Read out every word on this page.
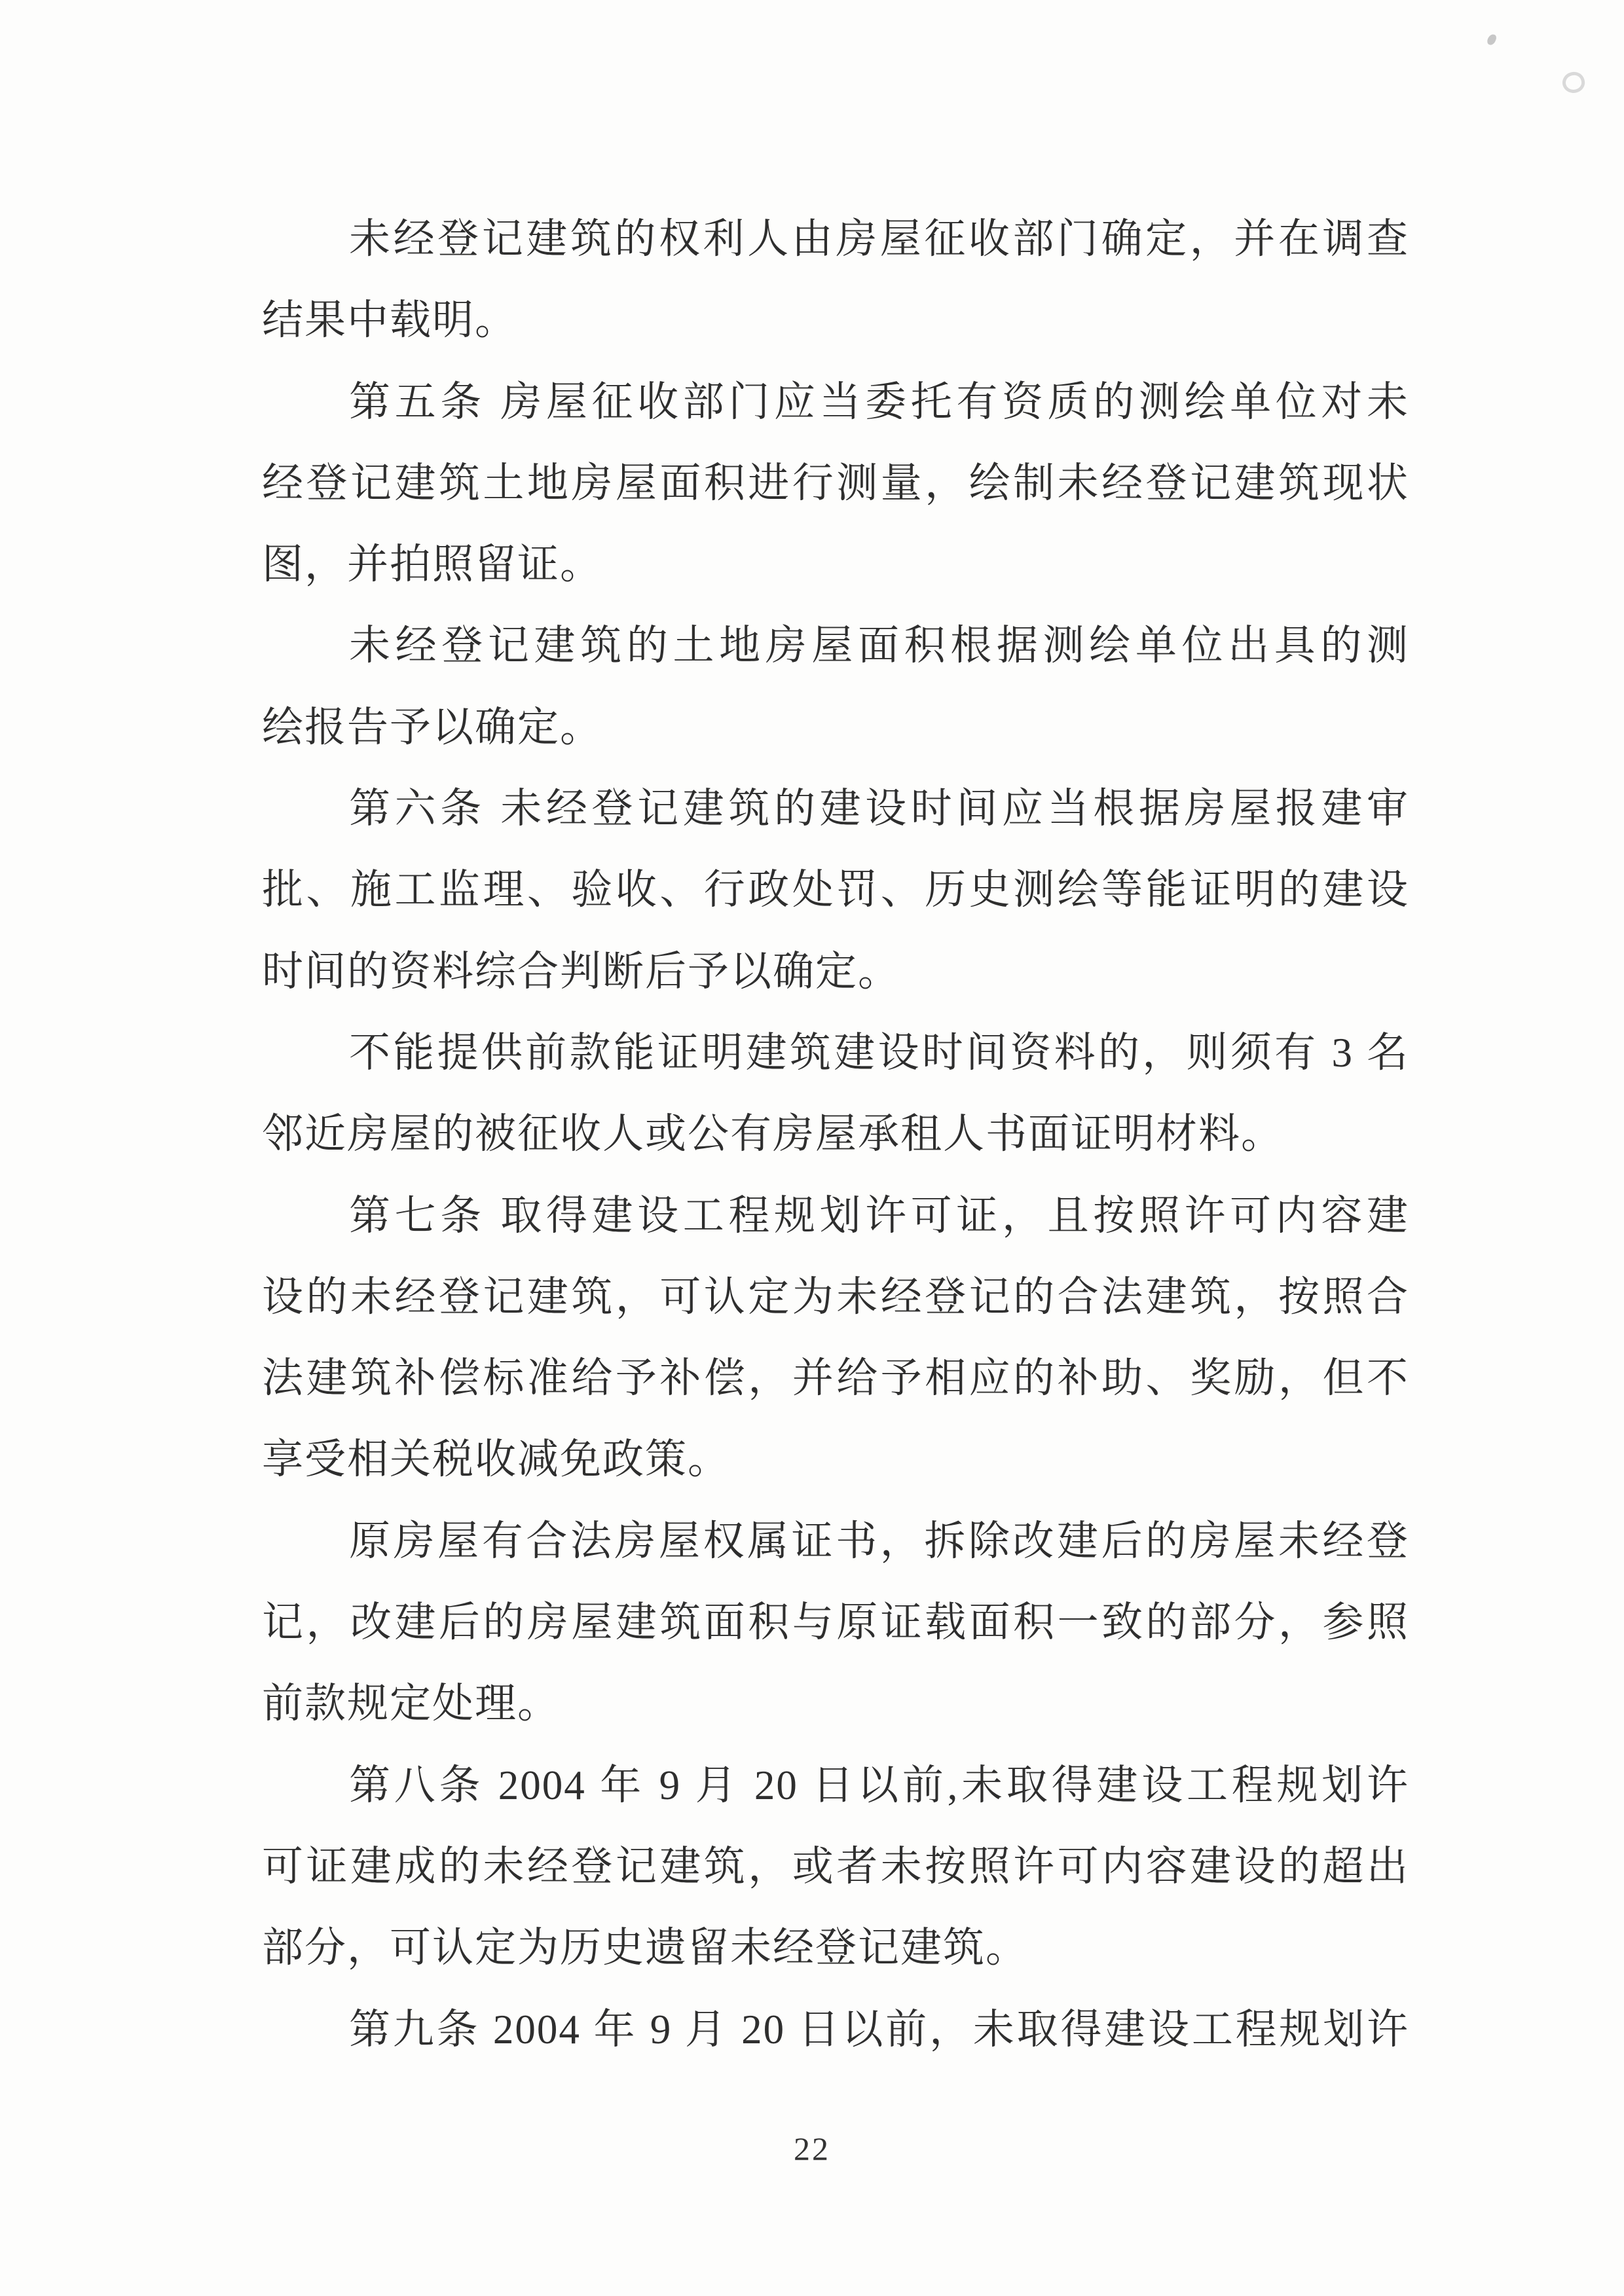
未经登记建筑的权利人由房屋征收部门确定，并在调查
结果中载明。
第五条 房屋征收部门应当委托有资质的测绘单位对未
经登记建筑土地房屋面积进行测量，绘制未经登记建筑现状
图，并拍照留证。
未经登记建筑的土地房屋面积根据测绘单位出具的测
绘报告予以确定。
第六条 未经登记建筑的建设时间应当根据房屋报建审
批、施工监理、验收、行政处罚、历史测绘等能证明的建设
时间的资料综合判断后予以确定。
不能提供前款能证明建筑建设时间资料的，则须有 3 名
邻近房屋的被征收人或公有房屋承租人书面证明材料。
第七条 取得建设工程规划许可证，且按照许可内容建
设的未经登记建筑，可认定为未经登记的合法建筑，按照合
法建筑补偿标准给予补偿，并给予相应的补助、奖励，但不
享受相关税收减免政策。
原房屋有合法房屋权属证书，拆除改建后的房屋未经登
记，改建后的房屋建筑面积与原证载面积一致的部分，参照
前款规定处理。
第八条 2004 年 9 月 20 日以前,未取得建设工程规划许
可证建成的未经登记建筑，或者未按照许可内容建设的超出
部分，可认定为历史遗留未经登记建筑。
第九条 2004 年 9 月 20 日以前，未取得建设工程规划许
22
